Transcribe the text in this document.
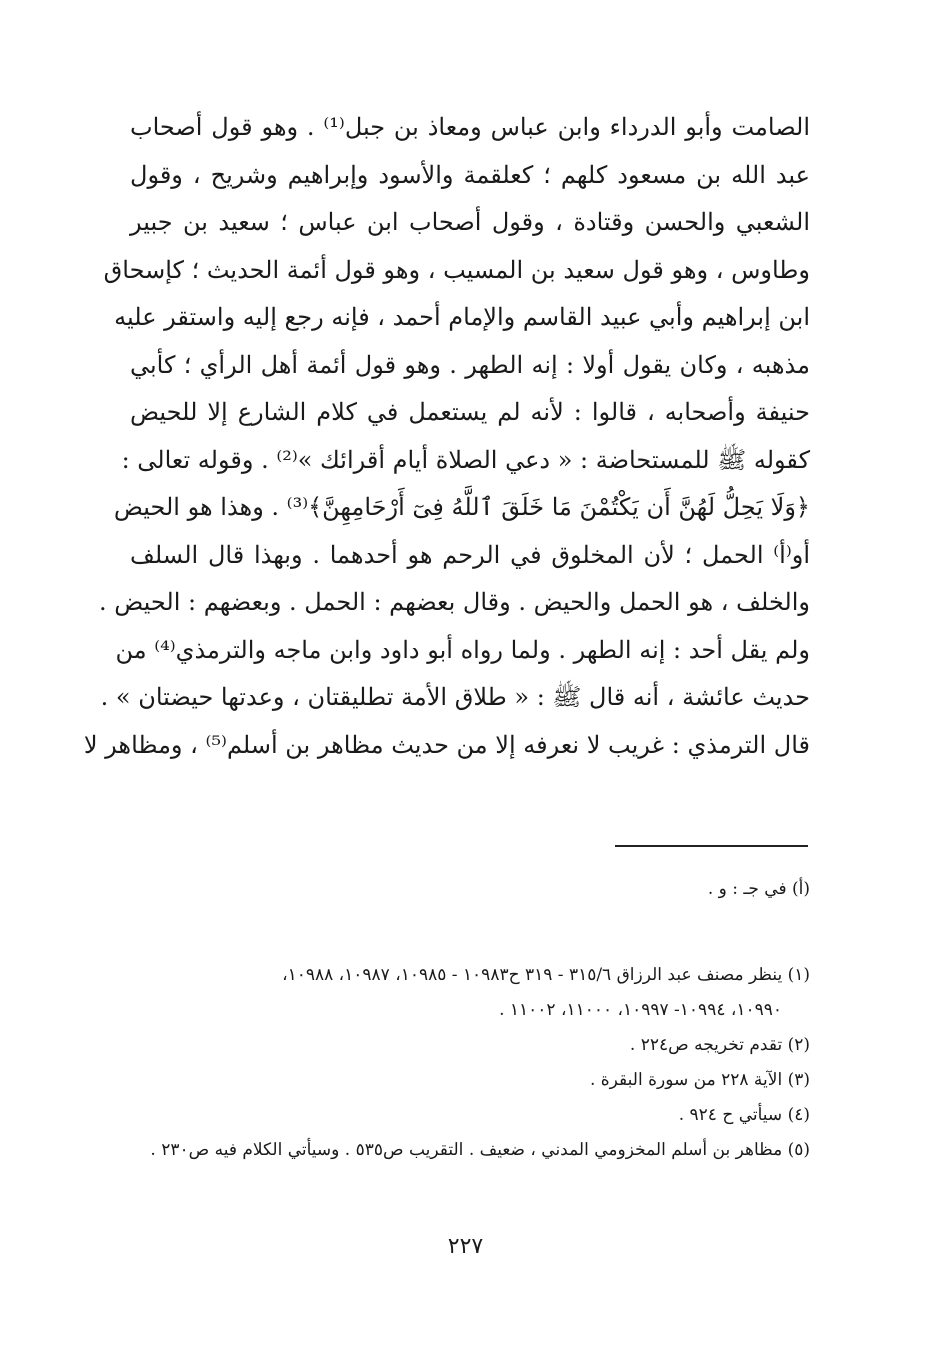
الصامت وأبو الدرداء وابن عباس ومعاذ بن جبل⁽¹⁾ . وهو قول أصحاب
عبد الله بن مسعود كلهم ؛ كعلقمة والأسود وإبراهيم وشريح ، وقول
الشعبي والحسن وقتادة ، وقول أصحاب ابن عباس ؛ سعيد بن جبير
وطاوس ، وهو قول سعيد بن المسيب ، وهو قول أئمة الحديث ؛ كإسحاق
ابن إبراهيم وأبي عبيد القاسم والإمام أحمد ، فإنه رجع إليه واستقر عليه
مذهبه ، وكان يقول أولا : إنه الطهر . وهو قول أئمة أهل الرأي ؛ كأبي
حنيفة وأصحابه ، قالوا : لأنه لم يستعمل في كلام الشارع إلا للحيض
كقوله ﷺ للمستحاضة : « دعي الصلاة أيام أقرائك »⁽²⁾ . وقوله تعالى :
﴿وَلَا يَحِلُّ لَهُنَّ أَن يَكْتُمْنَ مَا خَلَقَ ٱللَّهُ فِىٓ أَرْحَامِهِنَّ﴾⁽³⁾ . وهذا هو الحيض
أو⁽أ⁾ الحمل ؛ لأن المخلوق في الرحم هو أحدهما . وبهذا قال السلف
والخلف ، هو الحمل والحيض . وقال بعضهم : الحمل . وبعضهم : الحيض .
ولم يقل أحد : إنه الطهر . ولما رواه أبو داود وابن ماجه والترمذي⁽⁴⁾ من
حديث عائشة ، أنه قال ﷺ : « طلاق الأمة تطليقتان ، وعدتها حيضتان » .
قال الترمذي : غريب لا نعرفه إلا من حديث مظاهر بن أسلم⁽⁵⁾ ، ومظاهر لا
(أ) في جـ : و .
(١) ينظر مصنف عبد الرزاق ٣١٥/٦ - ٣١٩ ح١٠٩٨٣ - ١٠٩٨٥، ١٠٩٨٧، ١٠٩٨٨،
١٠٩٩٠، ١٠٩٩٤- ١٠٩٩٧، ١١٠٠٠، ١١٠٠٢ .
(٢) تقدم تخريجه ص٢٢٤ .
(٣) الآية ٢٢٨ من سورة البقرة .
(٤) سيأتي ح ٩٢٤ .
(٥) مظاهر بن أسلم المخزومي المدني ، ضعيف . التقريب ص٥٣٥ . وسيأتي الكلام فيه ص٢٣٠ .
٢٢٧
